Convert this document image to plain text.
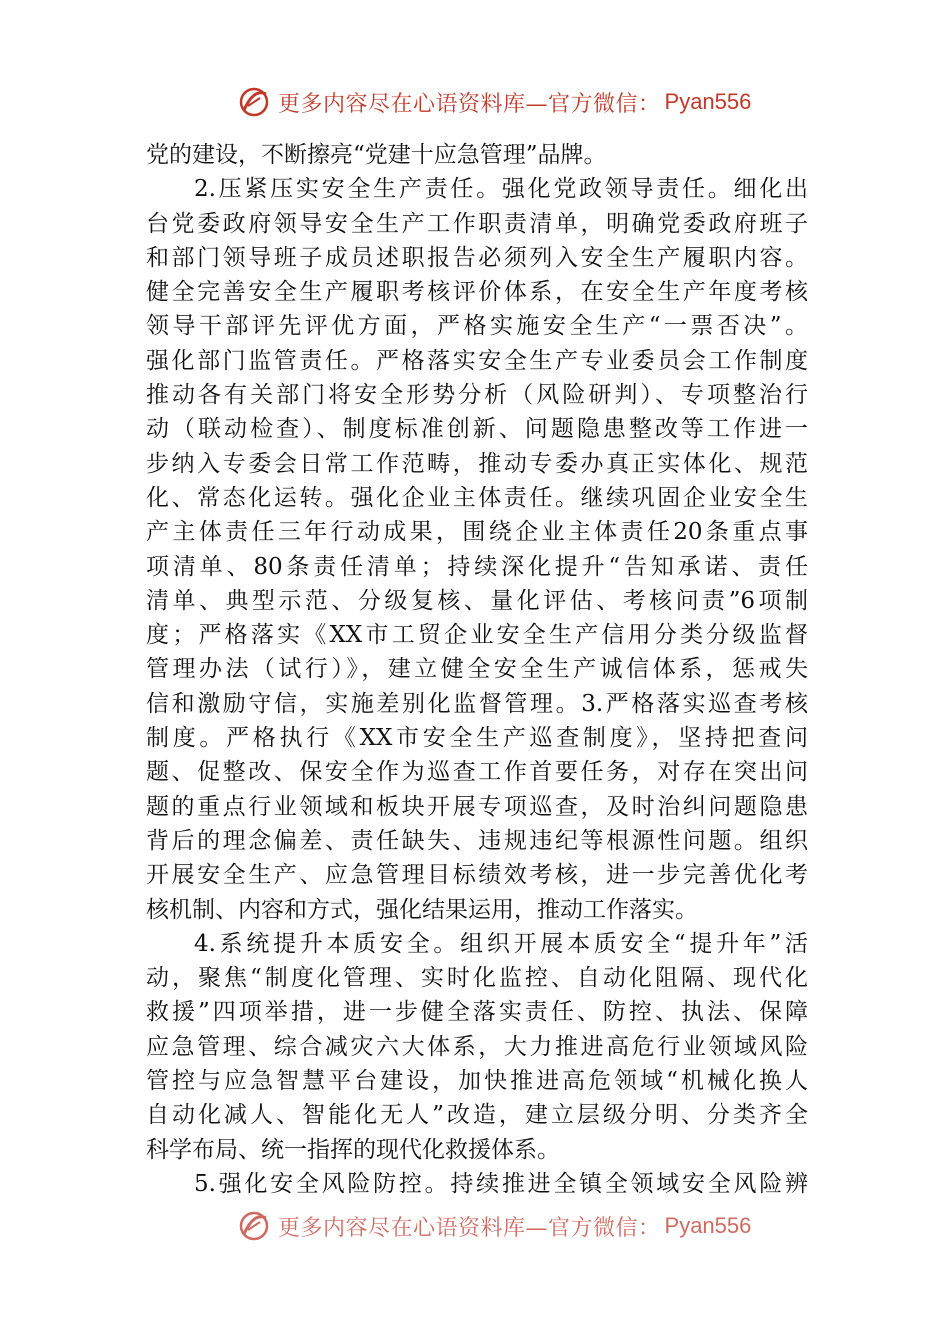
更多内容尽在心语资料库—官方微信： Pyan556
党的建设，不断擦亮“党建十应急管理”品牌。
2.压紧压实安全生产责任。强化党政领导责任。细化出
台党委政府领导安全生产工作职责清单，明确党委政府班子
和部门领导班子成员述职报告必须列入安全生产履职内容。
健全完善安全生产履职考核评价体系，在安全生产年度考核
领导干部评先评优方面，严格实施安全生产“一票否决”。
强化部门监管责任。严格落实安全生产专业委员会工作制度
推动各有关部门将安全形势分析（风险研判）、专项整治行
动（联动检查）、制度标准创新、问题隐患整改等工作进一
步纳入专委会日常工作范畴，推动专委办真正实体化、规范
化、常态化运转。强化企业主体责任。继续巩固企业安全生
产主体责任三年行动成果，围绕企业主体责任20条重点事
项清单、80条责任清单；持续深化提升“告知承诺、责任
清单、典型示范、分级复核、量化评估、考核问责”6项制
度；严格落实《XX市工贸企业安全生产信用分类分级监督
管理办法（试行）》，建立健全安全生产诚信体系，惩戒失
信和激励守信，实施差别化监督管理。3.严格落实巡查考核
制度。严格执行《XX市安全生产巡查制度》，坚持把查问
题、促整改、保安全作为巡查工作首要任务，对存在突出问
题的重点行业领域和板块开展专项巡查，及时治纠问题隐患
背后的理念偏差、责任缺失、违规违纪等根源性问题。组织
开展安全生产、应急管理目标绩效考核，进一步完善优化考
核机制、内容和方式，强化结果运用，推动工作落实。
4.系统提升本质安全。组织开展本质安全“提升年”活
动，聚焦“制度化管理、实时化监控、自动化阻隔、现代化
救援”四项举措，进一步健全落实责任、防控、执法、保障
应急管理、综合减灾六大体系，大力推进高危行业领域风险
管控与应急智慧平台建设，加快推进高危领域“机械化换人
自动化减人、智能化无人”改造，建立层级分明、分类齐全
科学布局、统一指挥的现代化救援体系。
5.强化安全风险防控。持续推进全镇全领域安全风险辨
更多内容尽在心语资料库—官方微信： Pyan556
